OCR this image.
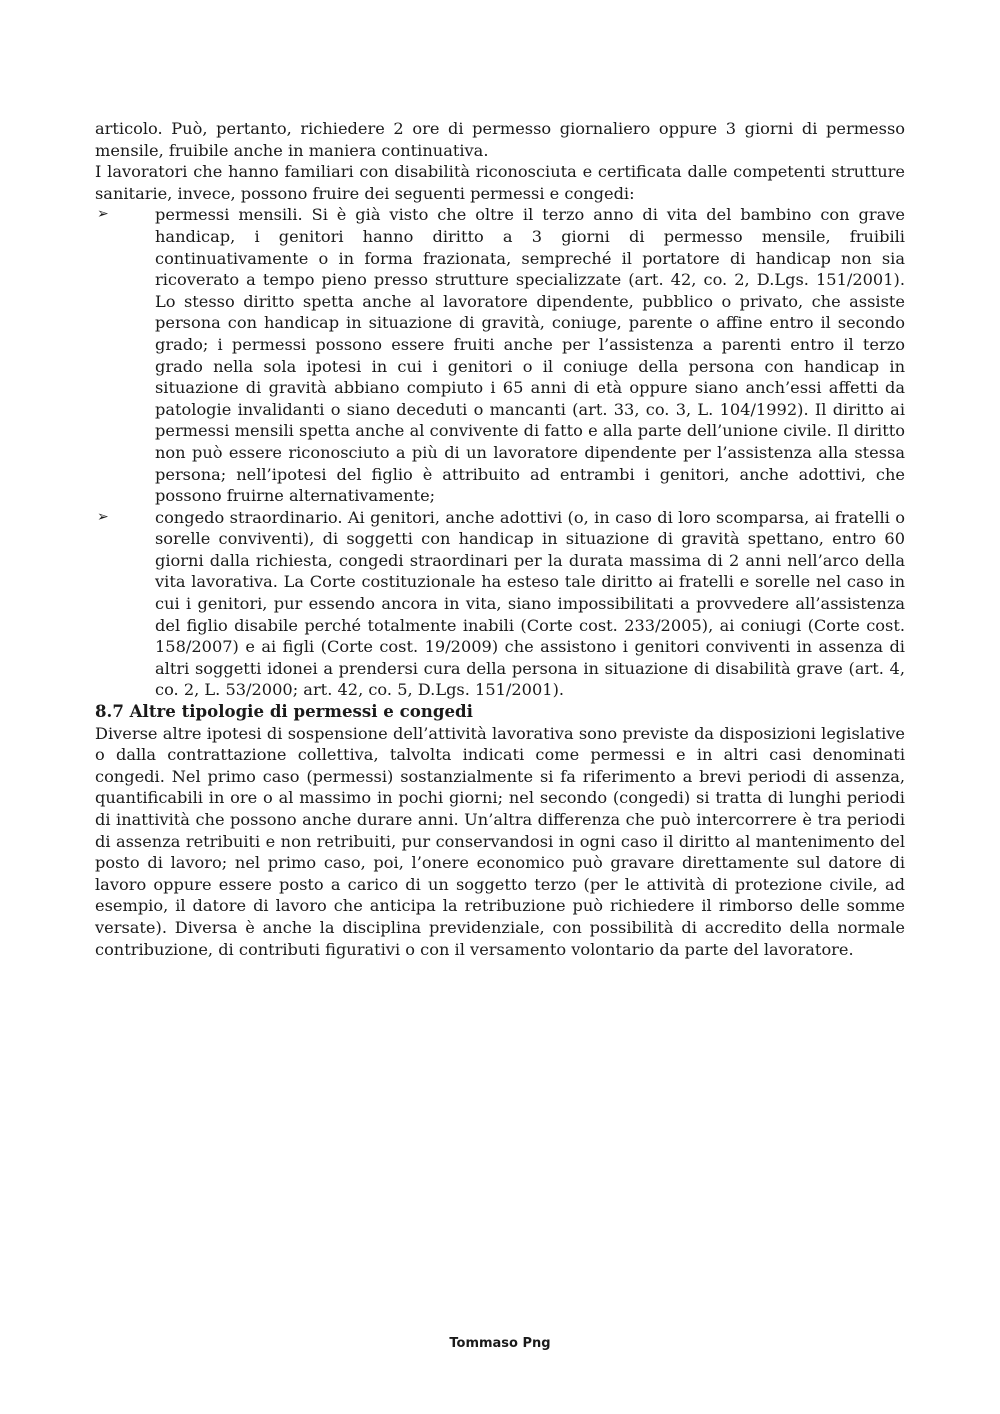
articolo. Può, pertanto, richiedere 2 ore di permesso giornaliero oppure 3 giorni di permesso mensile, fruibile anche in maniera continuativa.

I lavoratori che hanno familiari con disabilità riconosciuta e certificata dalle competenti strutture sanitarie, invece, possono fruire dei seguenti permessi e congedi:

➢	permessi mensili. Si è già visto che oltre il terzo anno di vita del bambino con grave handicap, i genitori hanno diritto a 3 giorni di permesso mensile, fruibili continuativamente o in forma frazionata, sempreché il portatore di handicap non sia ricoverato a tempo pieno presso strutture specializzate (art. 42, co. 2, D.Lgs. 151/2001). Lo stesso diritto spetta anche al lavoratore dipendente, pubblico o privato, che assiste persona con handicap in situazione di gravità, coniuge, parente o affine entro il secondo grado; i permessi possono essere fruiti anche per l’assistenza a parenti entro il terzo grado nella sola ipotesi in cui i genitori o il coniuge della persona con handicap in situazione di gravità abbiano compiuto i 65 anni di età oppure siano anch’essi affetti da patologie invalidanti o siano deceduti o mancanti (art. 33, co. 3, L. 104/1992). Il diritto ai permessi mensili spetta anche al convivente di fatto e alla parte dell’unione civile. Il diritto non può essere riconosciuto a più di un lavoratore dipendente per l’assistenza alla stessa persona; nell’ipotesi del figlio è attribuito ad entrambi i genitori, anche adottivi, che possono fruirne alternativamente;
➢	congedo straordinario. Ai genitori, anche adottivi (o, in caso di loro scomparsa, ai fratelli o sorelle conviventi), di soggetti con handicap in situazione di gravità spettano, entro 60 giorni dalla richiesta, congedi straordinari per la durata massima di 2 anni nell’arco della vita lavorativa. La Corte costituzionale ha esteso tale diritto ai fratelli e sorelle nel caso in cui i genitori, pur essendo ancora in vita, siano impossibilitati a provvedere all’assistenza del figlio disabile perché totalmente inabili (Corte cost. 233/2005), ai coniugi (Corte cost. 158/2007) e ai figli (Corte cost. 19/2009) che assistono i genitori conviventi in assenza di altri soggetti idonei a prendersi cura della persona in situazione di disabilità grave (art. 4, co. 2, L. 53/2000; art. 42, co. 5, D.Lgs. 151/2001).

8.7 Altre tipologie di permessi e congedi

Diverse altre ipotesi di sospensione dell’attività lavorativa sono previste da disposizioni legislative o dalla contrattazione collettiva, talvolta indicati come permessi e in altri casi denominati congedi. Nel primo caso (permessi) sostanzialmente si fa riferimento a brevi periodi di assenza, quantificabili in ore o al massimo in pochi giorni; nel secondo (congedi) si tratta di lunghi periodi di inattività che possono anche durare anni. Un’altra differenza che può intercorrere è tra periodi di assenza retribuiti e non retribuiti, pur conservandosi in ogni caso il diritto al mantenimento del posto di lavoro; nel primo caso, poi, l’onere economico può gravare direttamente sul datore di lavoro oppure essere posto a carico di un soggetto terzo (per le attività di protezione civile, ad esempio, il datore di lavoro che anticipa la retribuzione può richiedere il rimborso delle somme versate). Diversa è anche la disciplina previdenziale, con possibilità di accredito della normale contribuzione, di contributi figurativi o con il versamento volontario da parte del lavoratore.

Tommaso Png
